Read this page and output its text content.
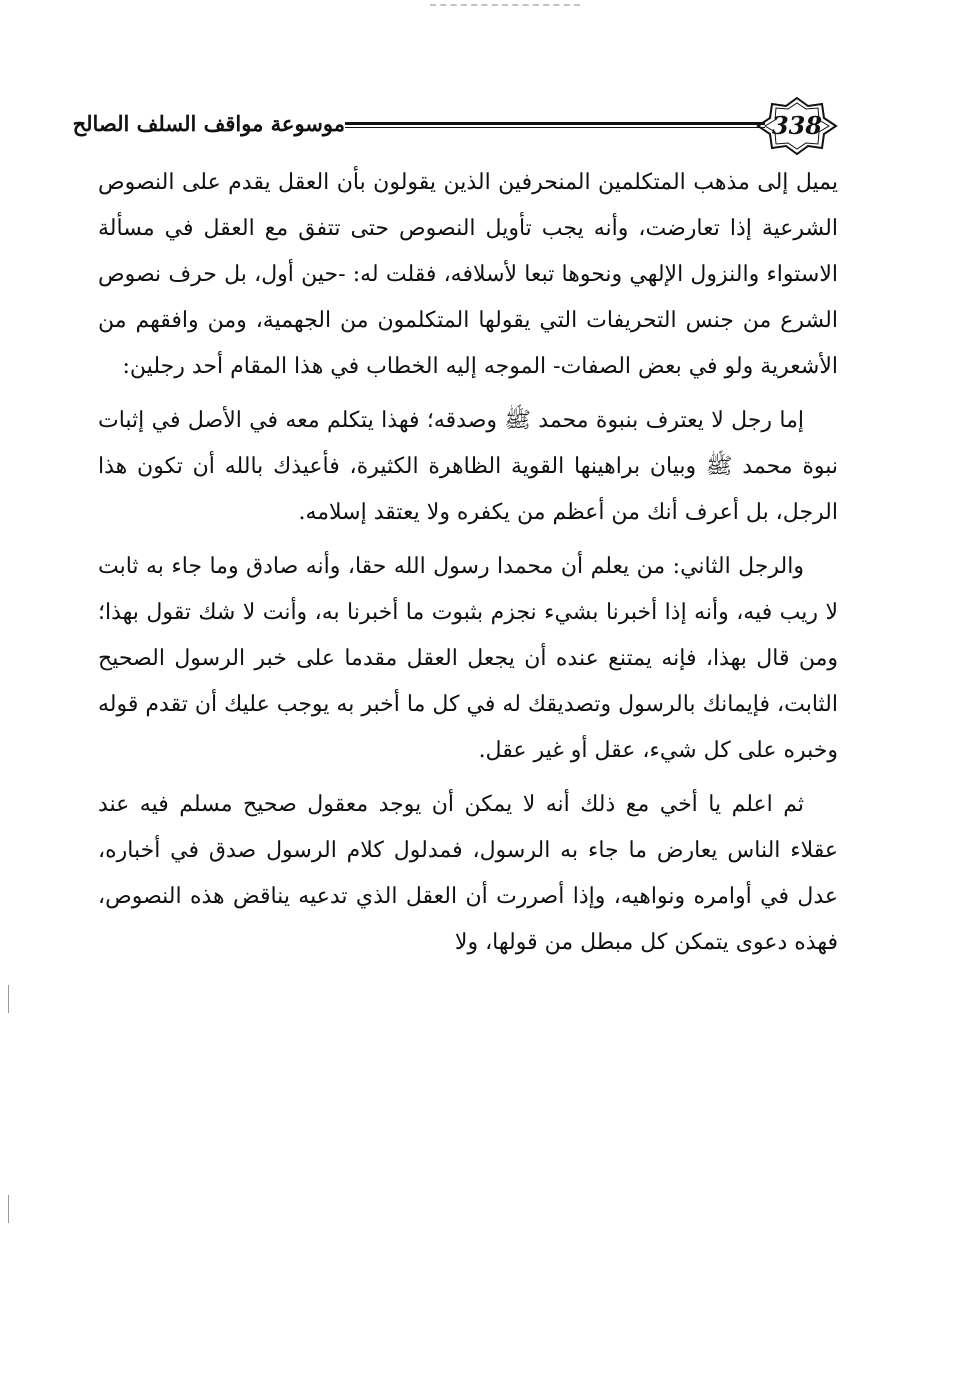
338
موسوعة مواقف السلف الصالح

يميل إلى مذهب المتكلمين المنحرفين الذين يقولون بأن العقل يقدم على النصوص الشرعية إذا تعارضت، وأنه يجب تأويل النصوص حتى تتفق مع العقل في مسألة الاستواء والنزول الإلهي ونحوها تبعا لأسلافه، فقلت له: -حين أول، بل حرف نصوص الشرع من جنس التحريفات التي يقولها المتكلمون من الجهمية، ومن وافقهم من الأشعرية ولو في بعض الصفات- الموجه إليه الخطاب في هذا المقام أحد رجلين:

إما رجل لا يعترف بنبوة محمد ﷺ وصدقه؛ فهذا يتكلم معه في الأصل في إثبات نبوة محمد ﷺ وبيان براهينها القوية الظاهرة الكثيرة، فأعيذك بالله أن تكون هذا الرجل، بل أعرف أنك من أعظم من يكفره ولا يعتقد إسلامه.

والرجل الثاني: من يعلم أن محمدا رسول الله حقا، وأنه صادق وما جاء به ثابت لا ريب فيه، وأنه إذا أخبرنا بشيء نجزم بثبوت ما أخبرنا به، وأنت لا شك تقول بهذا؛ ومن قال بهذا، فإنه يمتنع عنده أن يجعل العقل مقدما على خبر الرسول الصحيح الثابت، فإيمانك بالرسول وتصديقك له في كل ما أخبر به يوجب عليك أن تقدم قوله وخبره على كل شيء، عقل أو غير عقل.

ثم اعلم يا أخي مع ذلك أنه لا يمكن أن يوجد معقول صحيح مسلم فيه عند عقلاء الناس يعارض ما جاء به الرسول، فمدلول كلام الرسول صدق في أخباره، عدل في أوامره ونواهيه، وإذا أصررت أن العقل الذي تدعيه يناقض هذه النصوص، فهذه دعوى يتمكن كل مبطل من قولها، ولا
